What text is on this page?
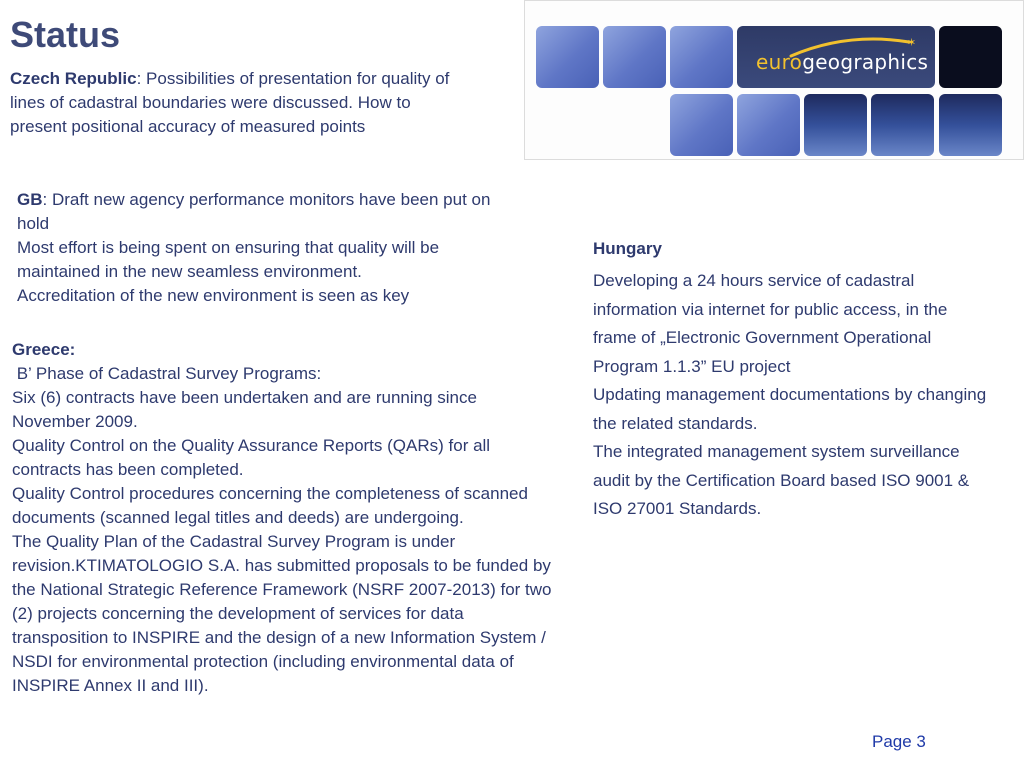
Status	✶
eurogeographics
Czech Republic: Possibilities of presentation for quality of lines of cadastral boundaries were discussed. How to present positional accuracy of measured points
GB: Draft new agency performance monitors have been put on hold
Most effort is being spent on ensuring that quality will be maintained in the new seamless environment.
Accreditation of the new environment is seen as key
Greece:
B’ Phase of Cadastral Survey Programs:
Six (6) contracts have been undertaken and are running since November 2009.
Quality Control on the Quality Assurance Reports (QARs) for all contracts has been completed.
Quality Control procedures concerning the completeness of scanned documents (scanned legal titles and deeds) are undergoing.
The Quality Plan of the Cadastral Survey Program is under revision.KTIMATOLOGIO S.A. has submitted proposals to be funded by the National Strategic Reference Framework (NSRF 2007-2013) for two (2) projects concerning the development of services for data transposition to INSPIRE and the design of a new Information System / NSDI for environmental protection (including environmental data of INSPIRE Annex II and III).
Hungary
Developing a 24 hours service of cadastral information via internet for public access, in the frame of „Electronic Government Operational Program 1.1.3” EU project
Updating management documentations by changing the related standards.
The integrated management system surveillance audit by the Certification Board based ISO 9001 & ISO 27001 Standards.
Page 3
